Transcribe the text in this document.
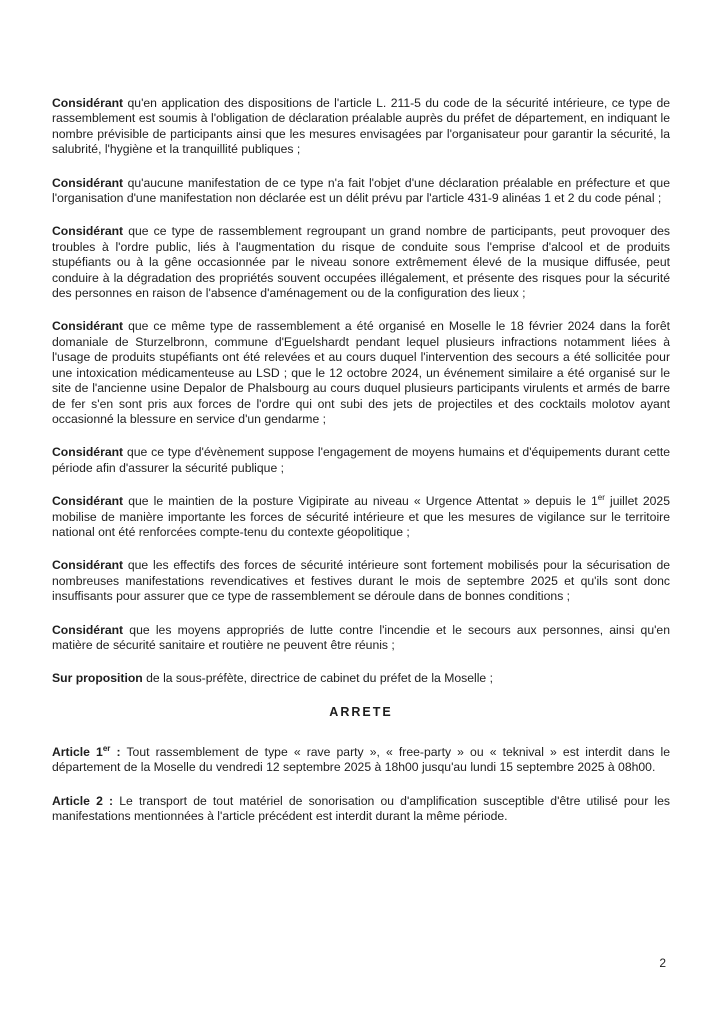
Considérant qu'en application des dispositions de l'article L. 211-5 du code de la sécurité intérieure, ce type de rassemblement est soumis à l'obligation de déclaration préalable auprès du préfet de département, en indiquant le nombre prévisible de participants ainsi que les mesures envisagées par l'organisateur pour garantir la sécurité, la salubrité, l'hygiène et la tranquillité publiques ;

Considérant qu'aucune manifestation de ce type n'a fait l'objet d'une déclaration préalable en préfecture et que l'organisation d'une manifestation non déclarée est un délit prévu par l'article 431-9 alinéas 1 et 2 du code pénal ;

Considérant que ce type de rassemblement regroupant un grand nombre de participants, peut provoquer des troubles à l'ordre public, liés à l'augmentation du risque de conduite sous l'emprise d'alcool et de produits stupéfiants ou à la gêne occasionnée par le niveau sonore extrêmement élevé de la musique diffusée, peut conduire à la dégradation des propriétés souvent occupées illégalement, et présente des risques pour la sécurité des personnes en raison de l'absence d'aménagement ou de la configuration des lieux ;

Considérant que ce même type de rassemblement a été organisé en Moselle le 18 février 2024 dans la forêt domaniale de Sturzelbronn, commune d'Eguelshardt pendant lequel plusieurs infractions notamment liées à l'usage de produits stupéfiants ont été relevées et au cours duquel l'intervention des secours a été sollicitée pour une intoxication médicamenteuse au LSD ; que le 12 octobre 2024, un événement similaire a été organisé sur le site de l'ancienne usine Depalor de Phalsbourg au cours duquel plusieurs participants virulents et armés de barre de fer s'en sont pris aux forces de l'ordre qui ont subi des jets de projectiles et des cocktails molotov ayant occasionné la blessure en service d'un gendarme ;

Considérant que ce type d'évènement suppose l'engagement de moyens humains et d'équipements durant cette période afin d'assurer la sécurité publique ;

Considérant que le maintien de la posture Vigipirate au niveau « Urgence Attentat » depuis le 1er juillet 2025 mobilise de manière importante les forces de sécurité intérieure et que les mesures de vigilance sur le territoire national ont été renforcées compte-tenu du contexte géopolitique ;

Considérant que les effectifs des forces de sécurité intérieure sont fortement mobilisés pour la sécurisation de nombreuses manifestations revendicatives et festives durant le mois de septembre 2025 et qu'ils sont donc insuffisants pour assurer que ce type de rassemblement se déroule dans de bonnes conditions ;

Considérant que les moyens appropriés de lutte contre l'incendie et le secours aux personnes, ainsi qu'en matière de sécurité sanitaire et routière ne peuvent être réunis ;

Sur proposition de la sous-préfète, directrice de cabinet du préfet de la Moselle ;

ARRETE

Article 1er : Tout rassemblement de type « rave party », « free-party » ou « teknival » est interdit dans le département de la Moselle du vendredi 12 septembre 2025 à 18h00 jusqu'au lundi 15 septembre 2025 à 08h00.

Article 2 : Le transport de tout matériel de sonorisation ou d'amplification susceptible d'être utilisé pour les manifestations mentionnées à l'article précédent est interdit durant la même période.

2
